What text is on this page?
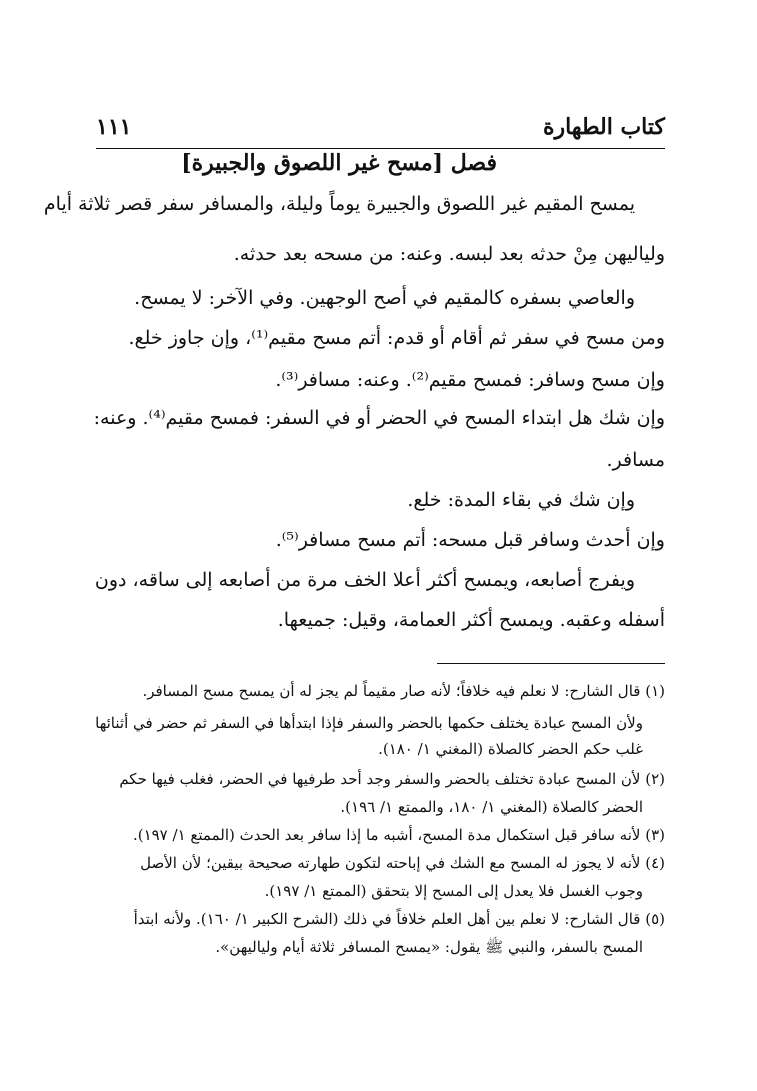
كتاب الطهارة
١١١
فصل [مسح غير اللصوق والجبيرة]
يمسح المقيم غير اللصوق والجبيرة يوماً وليلة، والمسافر سفر قصر ثلاثة أيام
ولياليهن مِنْ حدثه بعد لبسه. وعنه: من مسحه بعد حدثه.
والعاصي بسفره كالمقيم في أصح الوجهين. وفي الآخر: لا يمسح.
ومن مسح في سفر ثم أقام أو قدم: أتم مسح مقيم⁽¹⁾، وإن جاوز خلع.
وإن مسح وسافر: فمسح مقيم⁽²⁾. وعنه: مسافر⁽³⁾.
وإن شك هل ابتداء المسح في الحضر أو في السفر: فمسح مقيم⁽⁴⁾. وعنه:
مسافر.
وإن شك في بقاء المدة: خلع.
وإن أحدث وسافر قبل مسحه: أتم مسح مسافر⁽⁵⁾.
ويفرج أصابعه، ويمسح أكثر أعلا الخف مرة من أصابعه إلى ساقه، دون
أسفله وعقبه. ويمسح أكثر العمامة، وقيل: جميعها.
(١) قال الشارح: لا نعلم فيه خلافاً؛ لأنه صار مقيماً لم يجز له أن يمسح مسح المسافر.
ولأن المسح عبادة يختلف حكمها بالحضر والسفر فإذا ابتدأها في السفر ثم حضر في أثنائها
غلب حكم الحضر كالصلاة (المغني ١/ ١٨٠).
(٢) لأن المسح عبادة تختلف بالحضر والسفر وجد أحد طرفيها في الحضر، فغلب فيها حكم
الحضر كالصلاة (المغني ١/ ١٨٠، والممتع ١/ ١٩٦).
(٣) لأنه سافر قبل استكمال مدة المسح، أشبه ما إذا سافر بعد الحدث (الممتع ١/ ١٩٧).
(٤) لأنه لا يجوز له المسح مع الشك في إباحته لتكون طهارته صحيحة بيقين؛ لأن الأصل
وجوب الغسل فلا يعدل إلى المسح إلا بتحقق (الممتع ١/ ١٩٧).
(٥) قال الشارح: لا نعلم بين أهل العلم خلافاً في ذلك (الشرح الكبير ١/ ١٦٠). ولأنه ابتدأ
المسح بالسفر، والنبي ﷺ يقول: «يمسح المسافر ثلاثة أيام ولياليهن».
